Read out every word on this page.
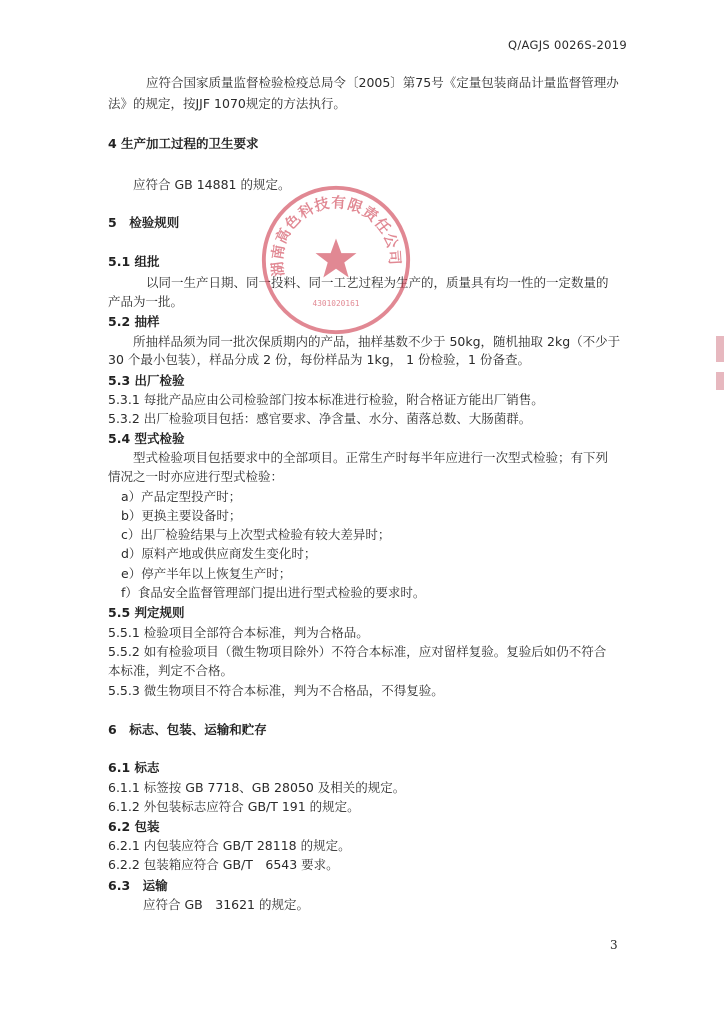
Q/AGJS 0026S-2019
应符合国家质量监督检验检疫总局令〔2005〕第75号《定量包装商品计量监督管理办
法》的规定，按JJF 1070规定的方法执行。
4 生产加工过程的卫生要求
应符合 GB 14881 的规定。
5　检验规则
5.1 组批
以同一生产日期、同一投料、同一工艺过程为生产的，质量具有均一性的一定数量的
产品为一批。
5.2 抽样
所抽样品须为同一批次保质期内的产品，抽样基数不少于 50kg，随机抽取 2kg（不少于
30 个最小包装），样品分成 2 份，每份样品为 1kg， 1 份检验，1 份备查。
5.3 出厂检验
5.3.1 每批产品应由公司检验部门按本标准进行检验，附合格证方能出厂销售。
5.3.2 出厂检验项目包括：感官要求、净含量、水分、菌落总数、大肠菌群。
5.4 型式检验
型式检验项目包括要求中的全部项目。正常生产时每半年应进行一次型式检验；有下列
情况之一时亦应进行型式检验：
a）产品定型投产时；
b）更换主要设备时；
c）出厂检验结果与上次型式检验有较大差异时；
d）原料产地或供应商发生变化时；
e）停产半年以上恢复生产时；
f）食品安全监督管理部门提出进行型式检验的要求时。
5.5 判定规则
5.5.1 检验项目全部符合本标准，判为合格品。
5.5.2 如有检验项目（微生物项目除外）不符合本标准，应对留样复验。复验后如仍不符合
本标准，判定不合格。
5.5.3 微生物项目不符合本标准，判为不合格品，不得复验。
6　标志、包装、运输和贮存
6.1 标志
6.1.1 标签按 GB 7718、GB 28050 及相关的规定。
6.1.2 外包装标志应符合 GB/T 191 的规定。
6.2 包装
6.2.1 内包装应符合 GB/T 28118 的规定。
6.2.2 包装箱应符合 GB/T　6543 要求。
6.3　运输
应符合 GB　31621 的规定。
3
湖南高色科技有限责任公司
4301020161
